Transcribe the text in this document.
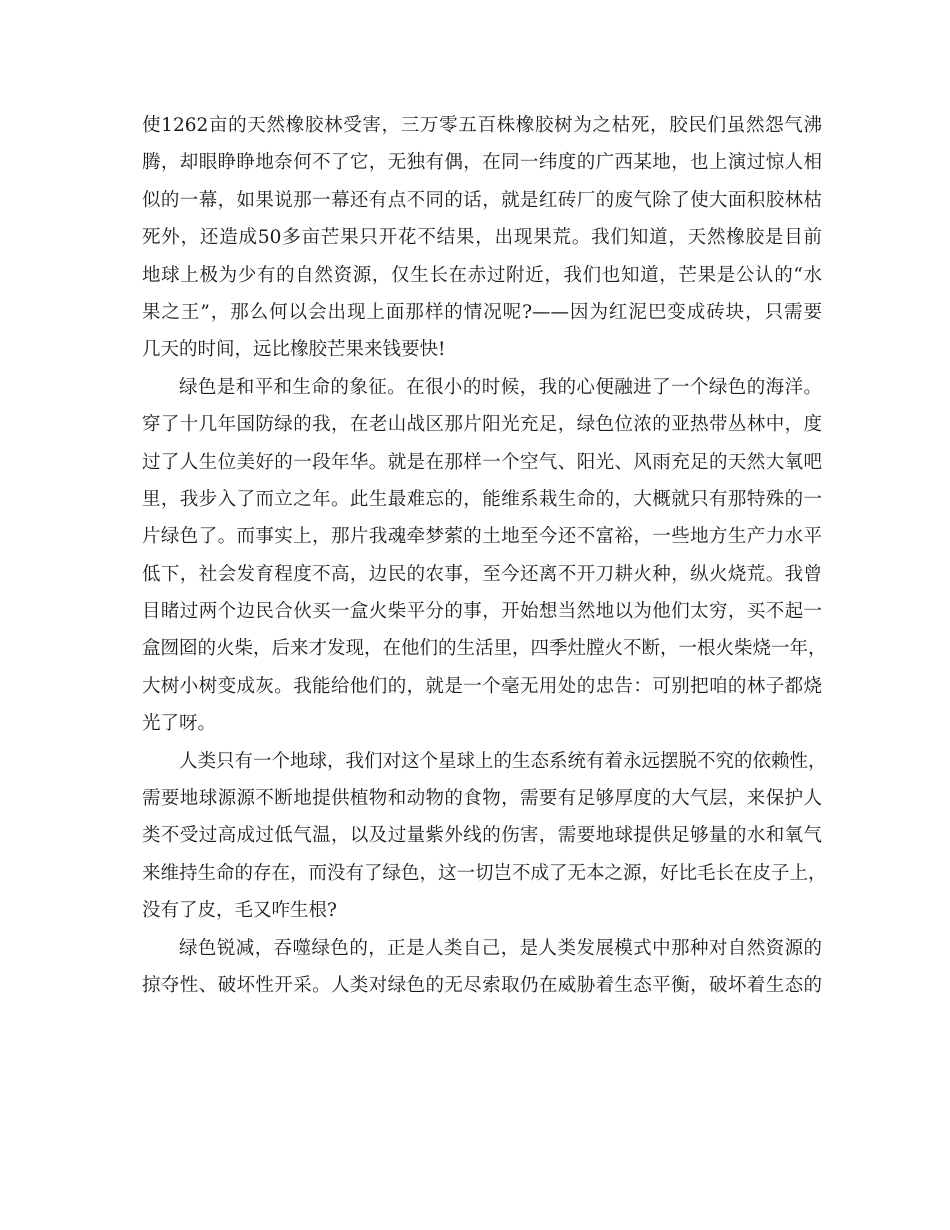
使1262亩的天然橡胶林受害，三万零五百株橡胶树为之枯死，胶民们虽然怨气沸
腾，却眼睁睁地奈何不了它，无独有偶，在同一纬度的广西某地，也上演过惊人相
似的一幕，如果说那一幕还有点不同的话，就是红砖厂的废气除了使大面积胶林枯
死外，还造成50多亩芒果只开花不结果，出现果荒。我们知道，天然橡胶是目前
地球上极为少有的自然资源，仅生长在赤过附近，我们也知道，芒果是公认的“水
果之王”，那么何以会出现上面那样的情况呢?——因为红泥巴变成砖块，只需要
几天的时间，远比橡胶芒果来钱要快!
绿色是和平和生命的象征。在很小的时候，我的心便融进了一个绿色的海洋。
穿了十几年国防绿的我，在老山战区那片阳光充足，绿色位浓的亚热带丛林中，度
过了人生位美好的一段年华。就是在那样一个空气、阳光、风雨充足的天然大氧吧
里，我步入了而立之年。此生最难忘的，能维系栽生命的，大概就只有那特殊的一
片绿色了。而事实上，那片我魂牵梦萦的土地至今还不富裕，一些地方生产力水平
低下，社会发育程度不高，边民的农事，至今还离不开刀耕火种，纵火烧荒。我曾
目睹过两个边民合伙买一盒火柴平分的事，开始想当然地以为他们太穷，买不起一
盒囫囵的火柴，后来才发现，在他们的生活里，四季灶膛火不断，一根火柴烧一年，
大树小树变成灰。我能给他们的，就是一个毫无用处的忠告：可别把咱的林子都烧
光了呀。
人类只有一个地球，我们对这个星球上的生态系统有着永远摆脱不究的依赖性，
需要地球源源不断地提供植物和动物的食物，需要有足够厚度的大气层，来保护人
类不受过高成过低气温，以及过量紫外线的伤害，需要地球提供足够量的水和氧气
来维持生命的存在，而没有了绿色，这一切岂不成了无本之源，好比毛长在皮子上，
没有了皮，毛又咋生根?
绿色锐减，吞噬绿色的，正是人类自己，是人类发展模式中那种对自然资源的
掠夺性、破坏性开采。人类对绿色的无尽索取仍在威胁着生态平衡，破坏着生态的
